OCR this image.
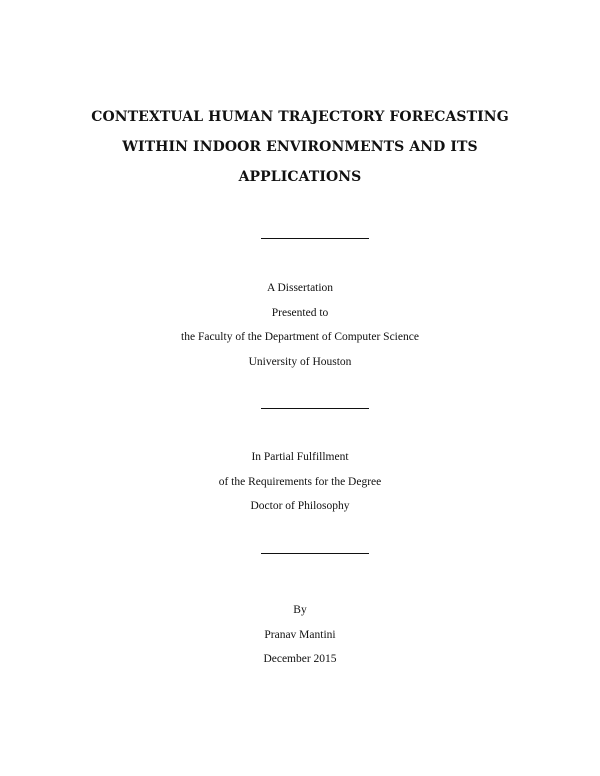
CONTEXTUAL HUMAN TRAJECTORY FORECASTING
WITHIN INDOOR ENVIRONMENTS AND ITS
APPLICATIONS
A Dissertation
Presented to
the Faculty of the Department of Computer Science
University of Houston
In Partial Fulfillment
of the Requirements for the Degree
Doctor of Philosophy
By
Pranav Mantini
December 2015
